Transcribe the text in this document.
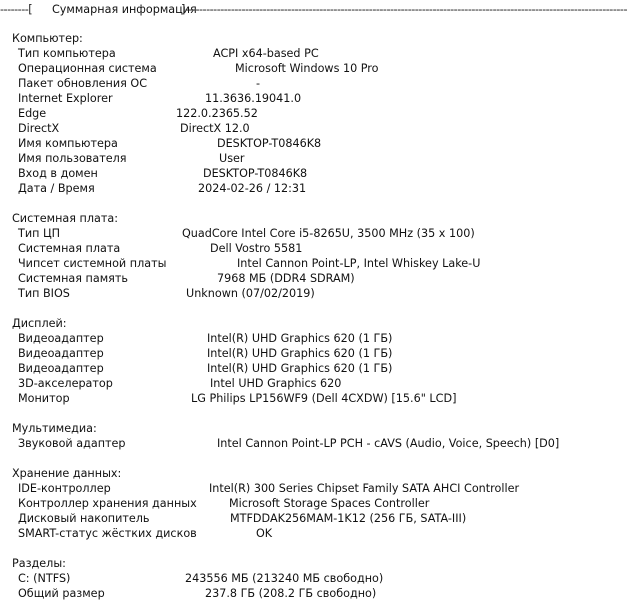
--------[	Суммарная информация
]-----------------------------------------------------------------------------------------------------------------------------
Компьютер:
Тип компьютера	ACPI x64-based PC
Операционная система	Microsoft Windows 10 Pro
Пакет обновления ОС	-
Internet Explorer	11.3636.19041.0
Edge	122.0.2365.52
DirectX	DirectX 12.0
Имя компьютера	DESKTOP-T0846K8
Имя пользователя	User
Вход в домен	DESKTOP-T0846K8
Дата / Время	2024-02-26 / 12:31
Системная плата:
Тип ЦП	QuadCore Intel Core i5-8265U, 3500 MHz (35 x 100)
Системная плата	Dell Vostro 5581
Чипсет системной платы	Intel Cannon Point-LP, Intel Whiskey Lake-U
Системная память	7968 МБ (DDR4 SDRAM)
Тип BIOS	Unknown (07/02/2019)
Дисплей:
Видеоадаптер	Intel(R) UHD Graphics 620 (1 ГБ)
Видеоадаптер	Intel(R) UHD Graphics 620 (1 ГБ)
Видеоадаптер	Intel(R) UHD Graphics 620 (1 ГБ)
3D-акселератор	Intel UHD Graphics 620
Монитор	LG Philips LP156WF9 (Dell 4CXDW) [15.6" LCD]
Мультимедиа:
Звуковой адаптер	Intel Cannon Point-LP PCH - cAVS (Audio, Voice, Speech) [D0]
Хранение данных:
IDE-контроллер	Intel(R) 300 Series Chipset Family SATA AHCI Controller
Контроллер хранения данных	Microsoft Storage Spaces Controller
Дисковый накопитель	MTFDDAK256MAM-1K12 (256 ГБ, SATA-III)
SMART-статус жёстких дисков	OK
Разделы:
C: (NTFS)	243556 МБ (213240 МБ свободно)
Общий размер	237.8 ГБ (208.2 ГБ свободно)
